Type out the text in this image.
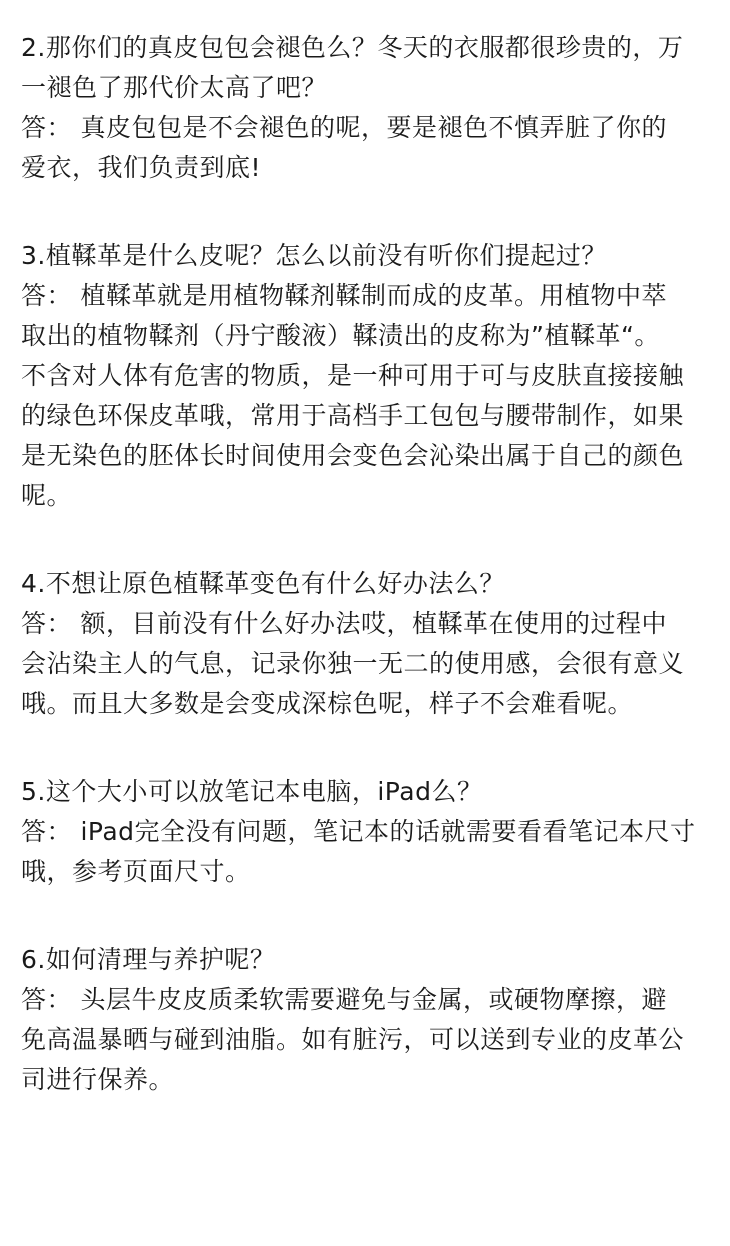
2.那你们的真皮包包会褪色么？冬天的衣服都很珍贵的，万
一褪色了那代价太高了吧？
答： 真皮包包是不会褪色的呢，要是褪色不慎弄脏了你的
爱衣，我们负责到底!
3.植鞣革是什么皮呢？怎么以前没有听你们提起过？
答： 植鞣革就是用植物鞣剂鞣制而成的皮革。用植物中萃
取出的植物鞣剂（丹宁酸液）鞣渍出的皮称为”植鞣革“。
不含对人体有危害的物质，是一种可用于可与皮肤直接接触
的绿色环保皮革哦，常用于高档手工包包与腰带制作，如果
是无染色的胚体长时间使用会变色会沁染出属于自己的颜色
呢。
4.不想让原色植鞣革变色有什么好办法么？
答： 额，目前没有什么好办法哎，植鞣革在使用的过程中
会沾染主人的气息，记录你独一无二的使用感，会很有意义
哦。而且大多数是会变成深棕色呢，样子不会难看呢。
5.这个大小可以放笔记本电脑，iPad么？
答： iPad完全没有问题，笔记本的话就需要看看笔记本尺寸
哦，参考页面尺寸。
6.如何清理与养护呢？
答： 头层牛皮皮质柔软需要避免与金属，或硬物摩擦，避
免高温暴晒与碰到油脂。如有脏污，可以送到专业的皮革公
司进行保养。
